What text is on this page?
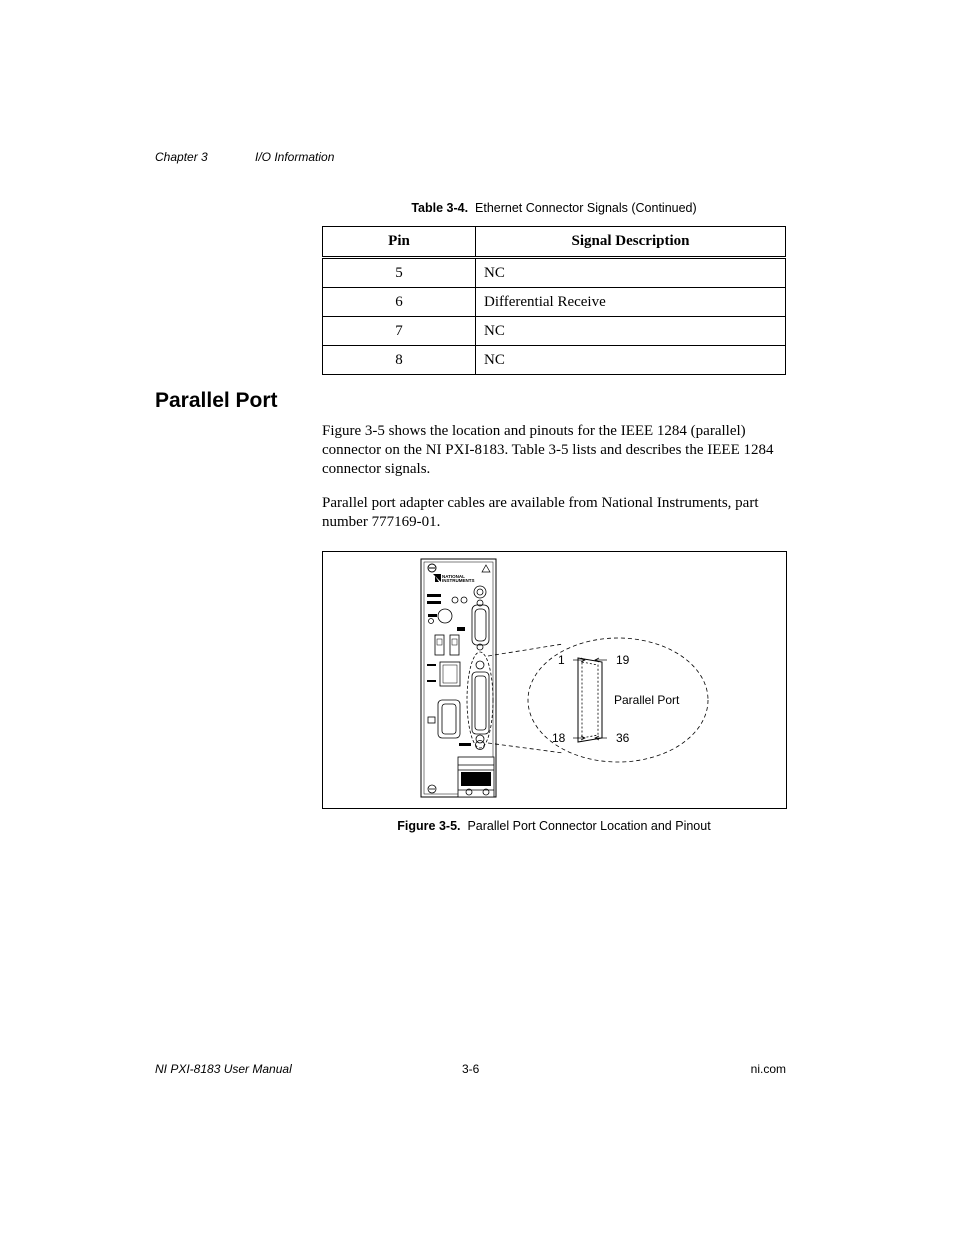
Chapter 3	I/O Information
Table 3-4. Ethernet Connector Signals (Continued)
Pin	Signal Description
5	NC
6	Differential Receive
7	NC
8	NC
Parallel Port

Figure 3-5 shows the location and pinouts for the IEEE 1284 (parallel) connector on the NI PXI-8183. Table 3-5 lists and describes the IEEE 1284 connector signals.

Parallel port adapter cables are available from National Instruments, part number 777169-01.

NATIONAL
INSTRUMENTS
1	19
18	36
Parallel Port
Figure 3-5. Parallel Port Connector Location and Pinout
NI PXI-8183 User Manual	3-6	ni.com
